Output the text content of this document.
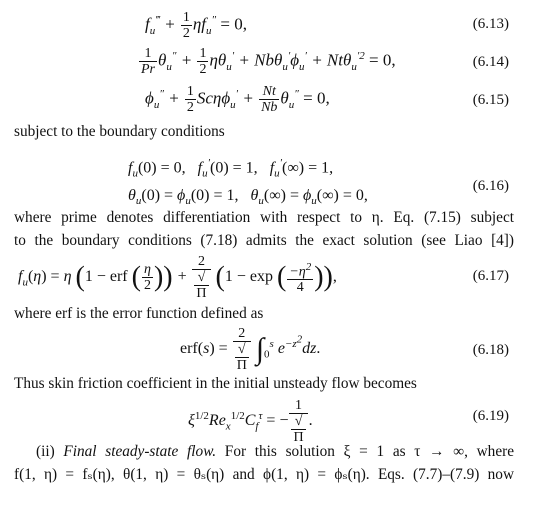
$f_u^‴ + \frac{1}{2} \eta f_u'' = 0$,	(6.13)
$\frac{1}{Pr} \theta_u'' + \frac{1}{2} \eta\theta_u' + Nb\theta_u'\phi_u' + Nt\theta_u^{'2} = 0$,	(6.14)
$\phi_u'' + \frac{1}{2} Sc\eta\phi_u' + \frac{Nt}{Nb} \theta_u'' = 0$,	(6.15)
subject to the boundary conditions
$f_u(0) = 0$,   $f_u'(0) = 1$,   $f_u'(\infty) = 1$,
$\theta_u(0) = \phi_u(0) = 1$,   $\theta_u(\infty) = \phi_u(\infty) = 0$,
(6.16)
where prime denotes differentiation with respect to η. Eq. (7.15) subject
to the boundary conditions (7.18) admits the exact solution (see Liao [4])
$f_u(\eta) = \eta$ (1 − erf ( $\frac{\eta}{2}$ )) + 2
√
Π (1 − exp ( $\frac{-\eta^2}{4}$ )),	(6.17)
where erf is the error function defined as
erf(s) = 2
√
Π $\int_0^s$ $e^{-z^2}dz$.	(6.18)
Thus skin friction coefficient in the initial unsteady flow becomes
$\xi^{1/2}Re_x^{1/2}C_f^\tau$ = − 1
√
Π .	(6.19)
(ii) Final steady-state flow. For this solution ξ = 1 as τ → ∞, where
f(1, η) = fₛ(η), θ(1, η) = θₛ(η) and ϕ(1, η) = ϕₛ(η). Eqs. (7.7)–(7.9) now
